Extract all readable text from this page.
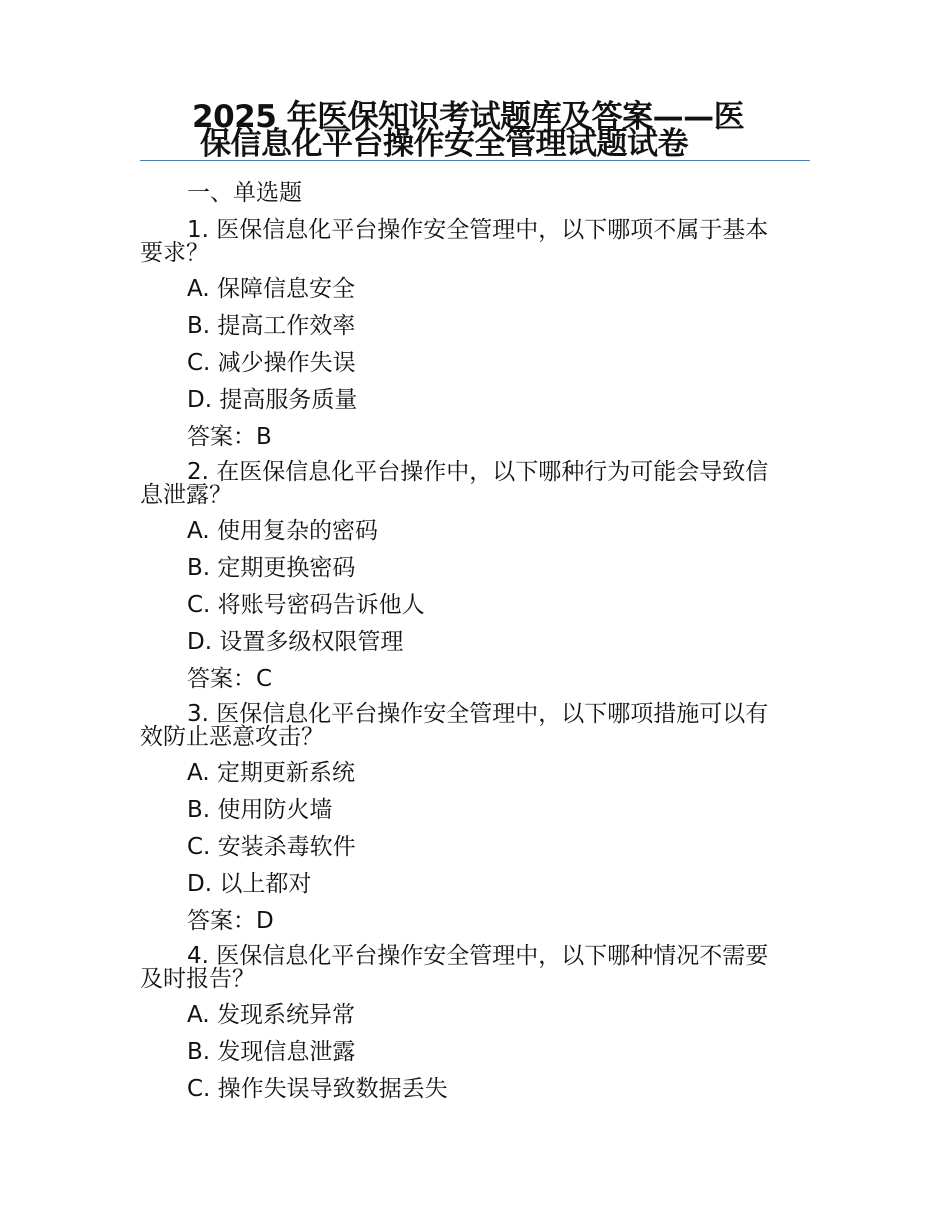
2025 年医保知识考试题库及答案——医
保信息化平台操作安全管理试题试卷
一、单选题
1. 医保信息化平台操作安全管理中，以下哪项不属于基本
要求？
A. 保障信息安全
B. 提高工作效率
C. 减少操作失误
D. 提高服务质量
答案：B
2. 在医保信息化平台操作中，以下哪种行为可能会导致信
息泄露？
A. 使用复杂的密码
B. 定期更换密码
C. 将账号密码告诉他人
D. 设置多级权限管理
答案：C
3. 医保信息化平台操作安全管理中，以下哪项措施可以有
效防止恶意攻击？
A. 定期更新系统
B. 使用防火墙
C. 安装杀毒软件
D. 以上都对
答案：D
4. 医保信息化平台操作安全管理中，以下哪种情况不需要
及时报告？
A. 发现系统异常
B. 发现信息泄露
C. 操作失误导致数据丢失
